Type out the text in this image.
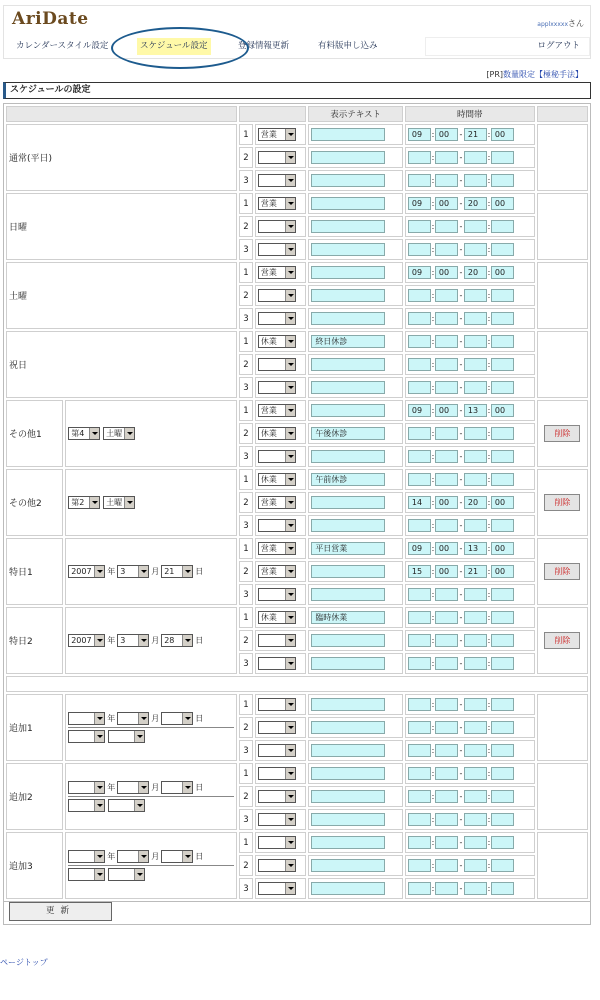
AriDate	applxxxxxさん
カレンダースタイル設定	スケジュール設定	登録情報更新	有料版申し込み	ログアウト
[PR]数量限定【極秘手法】
スケジュールの設定
				表示テキスト	時間帯	
通常(平日)		1	営業		09 : 00 - 21 : 00	
		2			: - :	
		3			: - :	
日曜		1	営業		09 : 00 - 20 : 00	
		2			: - :	
		3			: - :	
土曜		1	営業		09 : 00 - 20 : 00	
		2			: - :	
		3			: - :	
祝日		1	休業	終日休診	: - :	
		2			: - :	
		3			: - :	
その他1	第4 土曜	1	営業		09 : 00 - 13 : 00	削除
		2	休業	午後休診	: - :	
		3			: - :	
その他2	第2 土曜	1	休業	午前休診	: - :	削除
		2	営業		14 : 00 - 20 : 00	
		3			: - :	
特日1	2007 年 3 月 21 日	1	営業	平日営業	09 : 00 - 13 : 00	削除
		2	営業		15 : 00 - 21 : 00	
		3			: - :	
特日2	2007 年 3 月 28 日	1	休業	臨時休業	: - :	削除
		2			: - :	
		3			: - :	

追加1	年 月 日	1			: - :	
		2			: - :	
		3			: - :	
追加2	年 月 日	1			: - :	
		2			: - :	
		3			: - :	
追加3	年 月 日	1			: - :	
		2			: - :	
		3			: - :	
更新
ページトップ
